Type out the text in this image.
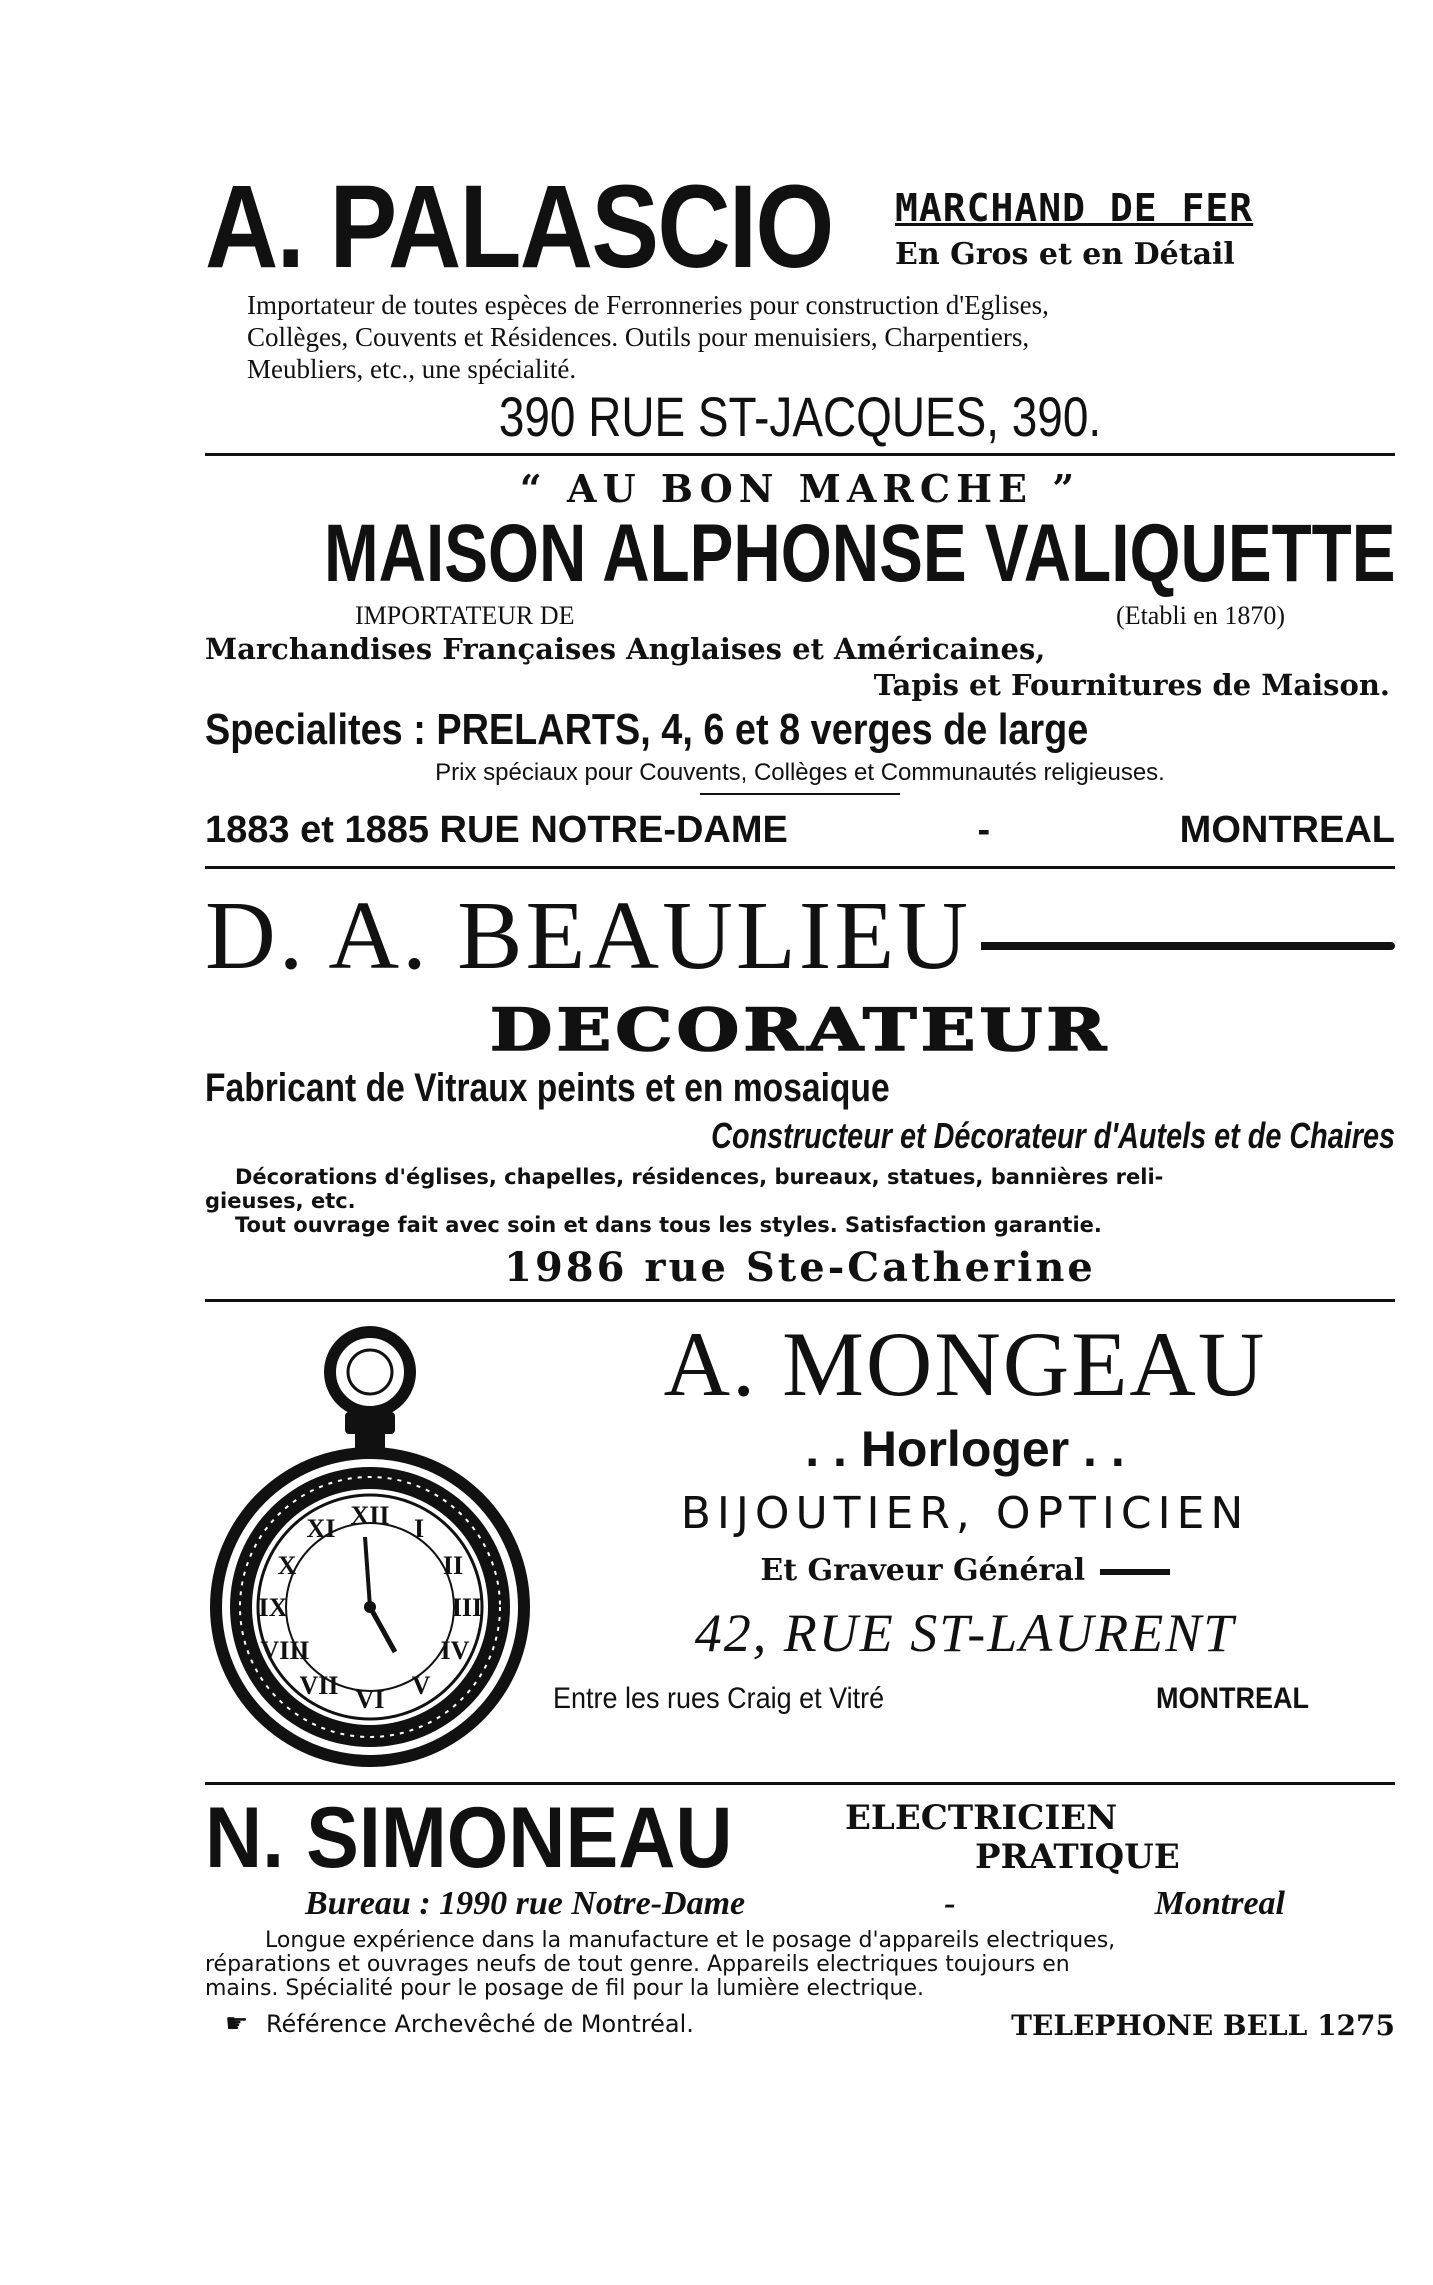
A. PALASCIO MARCHAND DE FER
En Gros et en Détail
Importateur de toutes espèces de Ferronneries pour construction d'Eglises,
Collèges, Couvents et Résidences. Outils pour menuisiers, Charpentiers,
Meubliers, etc., une spécialité.
390 RUE ST-JACQUES, 390.
“ AU BON MARCHE ”
MAISON ALPHONSE VALIQUETTE
IMPORTATEUR DE	(Etabli en 1870)
Marchandises Françaises Anglaises et Américaines,
Tapis et Fournitures de Maison.
Specialites : PRELARTS, 4, 6 et 8 verges de large
Prix spéciaux pour Couvents, Collèges et Communautés religieuses.
1883 et 1885 RUE NOTRE-DAME	-	MONTREAL
D. A. BEAULIEU
DECORATEUR
Fabricant de Vitraux peints et en mosaique
Constructeur et Décorateur d'Autels et de Chaires
Décorations d'églises, chapelles, résidences, bureaux, statues, bannières reli-
gieuses, etc.
Tout ouvrage fait avec soin et dans tous les styles. Satisfaction garantie.
1986 rue Ste-Catherine
XII I
II
III
IV
V
VI
VII
VIII
IX
X
XI
A. MONGEAU
. . Horloger . .
BIJOUTIER, OPTICIEN
Et Graveur Général
42, RUE ST-LAURENT
Entre les rues Craig et Vitré	MONTREAL
N. SIMONEAU	ELECTRICIEN
PRATIQUE
Bureau : 1990 rue Notre-Dame	-	Montreal
Longue expérience dans la manufacture et le posage d'appareils electriques,
réparations et ouvrages neufs de tout genre. Appareils electriques toujours en
mains. Spécialité pour le posage de fil pour la lumière electrique.
☛ Référence Archevêché de Montréal.	TELEPHONE BELL 1275
